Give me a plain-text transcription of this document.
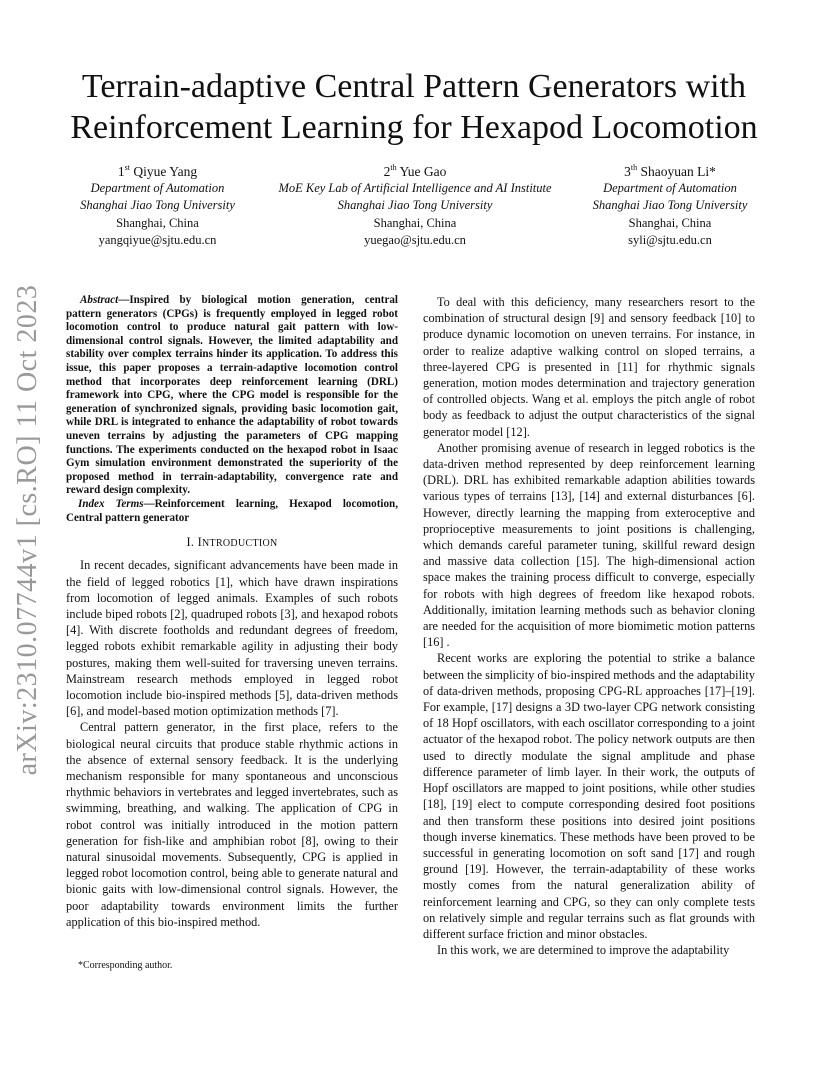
arXiv:2310.07744v1 [cs.RO] 11 Oct 2023
Terrain-adaptive Central Pattern Generators with Reinforcement Learning for Hexapod Locomotion
1st Qiyue Yang
Department of Automation
Shanghai Jiao Tong University
Shanghai, China
yangqiyue@sjtu.edu.cn
2th Yue Gao
MoE Key Lab of Artificial Intelligence and AI Institute
Shanghai Jiao Tong University
Shanghai, China
yuegao@sjtu.edu.cn
3th Shaoyuan Li*
Department of Automation
Shanghai Jiao Tong University
Shanghai, China
syli@sjtu.edu.cn
Abstract—Inspired by biological motion generation, central pattern generators (CPGs) is frequently employed in legged robot locomotion control to produce natural gait pattern with low-dimensional control signals. However, the limited adaptability and stability over complex terrains hinder its application. To address this issue, this paper proposes a terrain-adaptive locomotion control method that incorporates deep reinforcement learning (DRL) framework into CPG, where the CPG model is responsible for the generation of synchronized signals, providing basic locomotion gait, while DRL is integrated to enhance the adaptability of robot towards uneven terrains by adjusting the parameters of CPG mapping functions. The experiments conducted on the hexapod robot in Isaac Gym simulation environment demonstrated the superiority of the proposed method in terrain-adaptability, convergence rate and reward design complexity.

Index Terms—Reinforcement learning, Hexapod locomotion, Central pattern generator

I. INTRODUCTION

In recent decades, significant advancements have been made in the field of legged robotics [1], which have drawn inspirations from locomotion of legged animals. Examples of such robots include biped robots [2], quadruped robots [3], and hexapod robots [4]. With discrete footholds and redundant degrees of freedom, legged robots exhibit remarkable agility in adjusting their body postures, making them well-suited for traversing uneven terrains. Mainstream research methods employed in legged robot locomotion include bio-inspired methods [5], data-driven methods [6], and model-based motion optimization methods [7].

Central pattern generator, in the first place, refers to the biological neural circuits that produce stable rhythmic actions in the absence of external sensory feedback. It is the underlying mechanism responsible for many spontaneous and unconscious rhythmic behaviors in vertebrates and legged invertebrates, such as swimming, breathing, and walking. The application of CPG in robot control was initially introduced in the motion pattern generation for fish-like and amphibian robot [8], owing to their natural sinusoidal movements. Subsequently, CPG is applied in legged robot locomotion control, being able to generate natural and bionic gaits with low-dimensional control signals. However, the poor adaptability towards environment limits the further application of this bio-inspired method.

To deal with this deficiency, many researchers resort to the combination of structural design [9] and sensory feedback [10] to produce dynamic locomotion on uneven terrains. For instance, in order to realize adaptive walking control on sloped terrains, a three-layered CPG is presented in [11] for rhythmic signals generation, motion modes determination and trajectory generation of controlled objects. Wang et al. employs the pitch angle of robot body as feedback to adjust the output characteristics of the signal generator model [12].

Another promising avenue of research in legged robotics is the data-driven method represented by deep reinforcement learning (DRL). DRL has exhibited remarkable adaption abilities towards various types of terrains [13], [14] and external disturbances [6]. However, directly learning the mapping from exteroceptive and proprioceptive measurements to joint positions is challenging, which demands careful parameter tuning, skillful reward design and massive data collection [15]. The high-dimensional action space makes the training process difficult to converge, especially for robots with high degrees of freedom like hexapod robots. Additionally, imitation learning methods such as behavior cloning are needed for the acquisition of more biomimetic motion patterns [16] .

Recent works are exploring the potential to strike a balance between the simplicity of bio-inspired methods and the adaptability of data-driven methods, proposing CPG-RL approaches [17]–[19]. For example, [17] designs a 3D two-layer CPG network consisting of 18 Hopf oscillators, with each oscillator corresponding to a joint actuator of the hexapod robot. The policy network outputs are then used to directly modulate the signal amplitude and phase difference parameter of limb layer. In their work, the outputs of Hopf oscillators are mapped to joint positions, while other studies [18], [19] elect to compute corresponding desired foot positions and then transform these positions into desired joint positions though inverse kinematics. These methods have been proved to be successful in generating locomotion on soft sand [17] and rough ground [19]. However, the terrain-adaptability of these works mostly comes from the natural generalization ability of reinforcement learning and CPG, so they can only complete tests on relatively simple and regular terrains such as flat grounds with different surface friction and minor obstacles.

In this work, we are determined to improve the adaptability

*Corresponding author.
